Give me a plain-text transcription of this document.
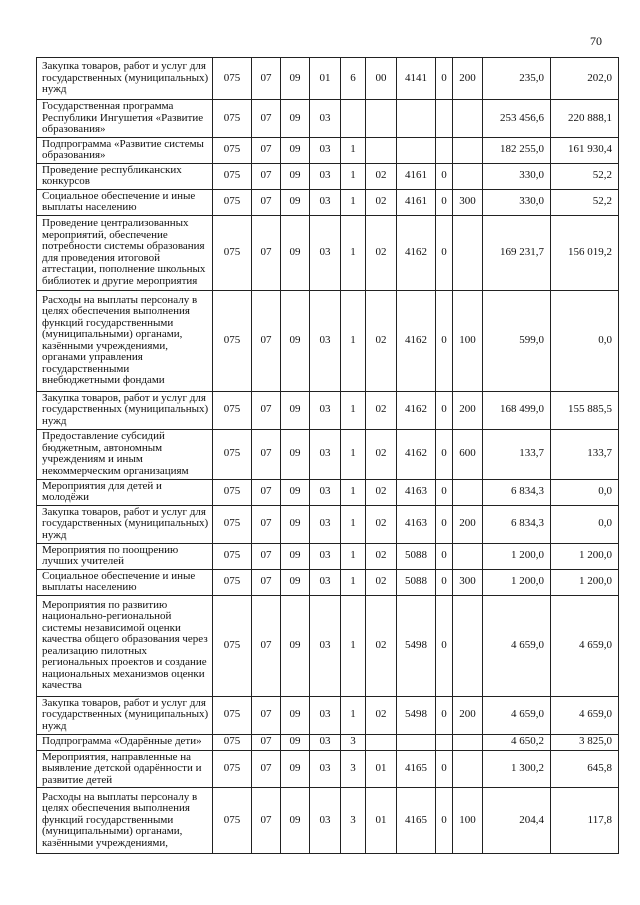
70
Закупка товаров, работ и услуг для государственных (муниципальных) нужд	075	07	09	01	6	00	4141	0	200	235,0	202,0
Государственная программа Республики Ингушетия «Развитие образования»	075	07	09	03						253 456,6	220 888,1
Подпрограмма «Развитие системы образования»	075	07	09	03	1					182 255,0	161 930,4
Проведение республиканских конкурсов	075	07	09	03	1	02	4161	0		330,0	52,2
Социальное обеспечение и иные выплаты населению	075	07	09	03	1	02	4161	0	300	330,0	52,2
Проведение централизованных мероприятий, обеспечение потребности системы образования для проведения итоговой аттестации, пополнение школьных библиотек и другие мероприятия	075	07	09	03	1	02	4162	0		169 231,7	156 019,2
Расходы на выплаты персоналу в целях обеспечения выполнения функций государственными (муниципальными) органами, казёнными учреждениями, органами управления государственными внебюджетными фондами	075	07	09	03	1	02	4162	0	100	599,0	0,0
Закупка товаров, работ и услуг для государственных (муниципальных) нужд	075	07	09	03	1	02	4162	0	200	168 499,0	155 885,5
Предоставление субсидий бюджетным, автономным учреждениям и иным некоммерческим организациям	075	07	09	03	1	02	4162	0	600	133,7	133,7
Мероприятия для детей и молодёжи	075	07	09	03	1	02	4163	0		6 834,3	0,0
Закупка товаров, работ и услуг для государственных (муниципальных) нужд	075	07	09	03	1	02	4163	0	200	6 834,3	0,0
Мероприятия по поощрению лучших учителей	075	07	09	03	1	02	5088	0		1 200,0	1 200,0
Социальное обеспечение и иные выплаты населению	075	07	09	03	1	02	5088	0	300	1 200,0	1 200,0
Мероприятия по развитию национально-региональной системы независимой оценки качества общего образования через реализацию пилотных региональных проектов и создание национальных механизмов оценки качества	075	07	09	03	1	02	5498	0		4 659,0	4 659,0
Закупка товаров, работ и услуг для государственных (муниципальных) нужд	075	07	09	03	1	02	5498	0	200	4 659,0	4 659,0
Подпрограмма «Одарённые дети»	075	07	09	03	3					4 650,2	3 825,0
Мероприятия, направленные на выявление детской одарённости и развитие детей	075	07	09	03	3	01	4165	0		1 300,2	645,8
Расходы на выплаты персоналу в целях обеспечения выполнения функций государственными (муниципальными) органами, казёнными учреждениями,	075	07	09	03	3	01	4165	0	100	204,4	117,8
